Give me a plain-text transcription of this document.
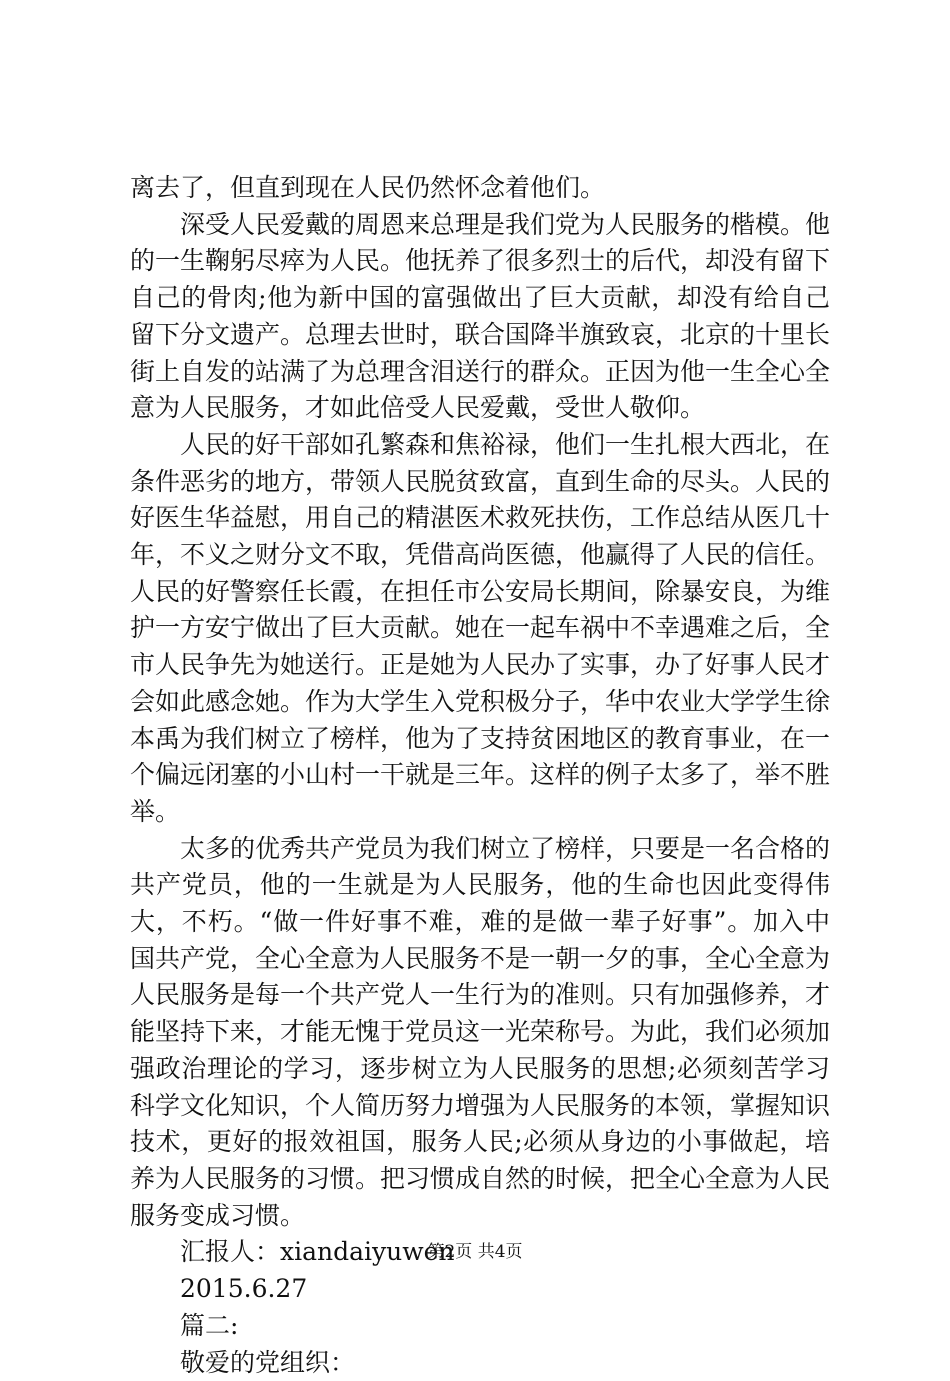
离去了，但直到现在人民仍然怀念着他们。

深受人民爱戴的周恩来总理是我们党为人民服务的楷模。他的一生鞠躬尽瘁为人民。他抚养了很多烈士的后代，却没有留下自己的骨肉;他为新中国的富强做出了巨大贡献，却没有给自己留下分文遗产。总理去世时，联合国降半旗致哀，北京的十里长街上自发的站满了为总理含泪送行的群众。正因为他一生全心全意为人民服务，才如此倍受人民爱戴，受世人敬仰。

人民的好干部如孔繁森和焦裕禄，他们一生扎根大西北，在条件恶劣的地方，带领人民脱贫致富，直到生命的尽头。人民的好医生华益慰，用自己的精湛医术救死扶伤，工作总结从医几十年，不义之财分文不取，凭借高尚医德，他赢得了人民的信任。人民的好警察任长霞，在担任市公安局长期间，除暴安良，为维护一方安宁做出了巨大贡献。她在一起车祸中不幸遇难之后，全市人民争先为她送行。正是她为人民办了实事，办了好事人民才会如此感念她。作为大学生入党积极分子，华中农业大学学生徐本禹为我们树立了榜样，他为了支持贫困地区的教育事业，在一个偏远闭塞的小山村一干就是三年。这样的例子太多了，举不胜举。

太多的优秀共产党员为我们树立了榜样，只要是一名合格的共产党员，他的一生就是为人民服务，他的生命也因此变得伟大，不朽。“做一件好事不难，难的是做一辈子好事”。加入中国共产党，全心全意为人民服务不是一朝一夕的事，全心全意为人民服务是每一个共产党人一生行为的准则。只有加强修养，才能坚持下来，才能无愧于党员这一光荣称号。为此，我们必须加强政治理论的学习，逐步树立为人民服务的思想;必须刻苦学习科学文化知识，个人简历努力增强为人民服务的本领，掌握知识技术，更好的报效祖国，服务人民;必须从身边的小事做起，培养为人民服务的习惯。把习惯成自然的时候，把全心全意为人民服务变成习惯。

汇报人：xiandaiyuwen

2015.6.27

篇二:

敬爱的党组织：

第2页 共4页
